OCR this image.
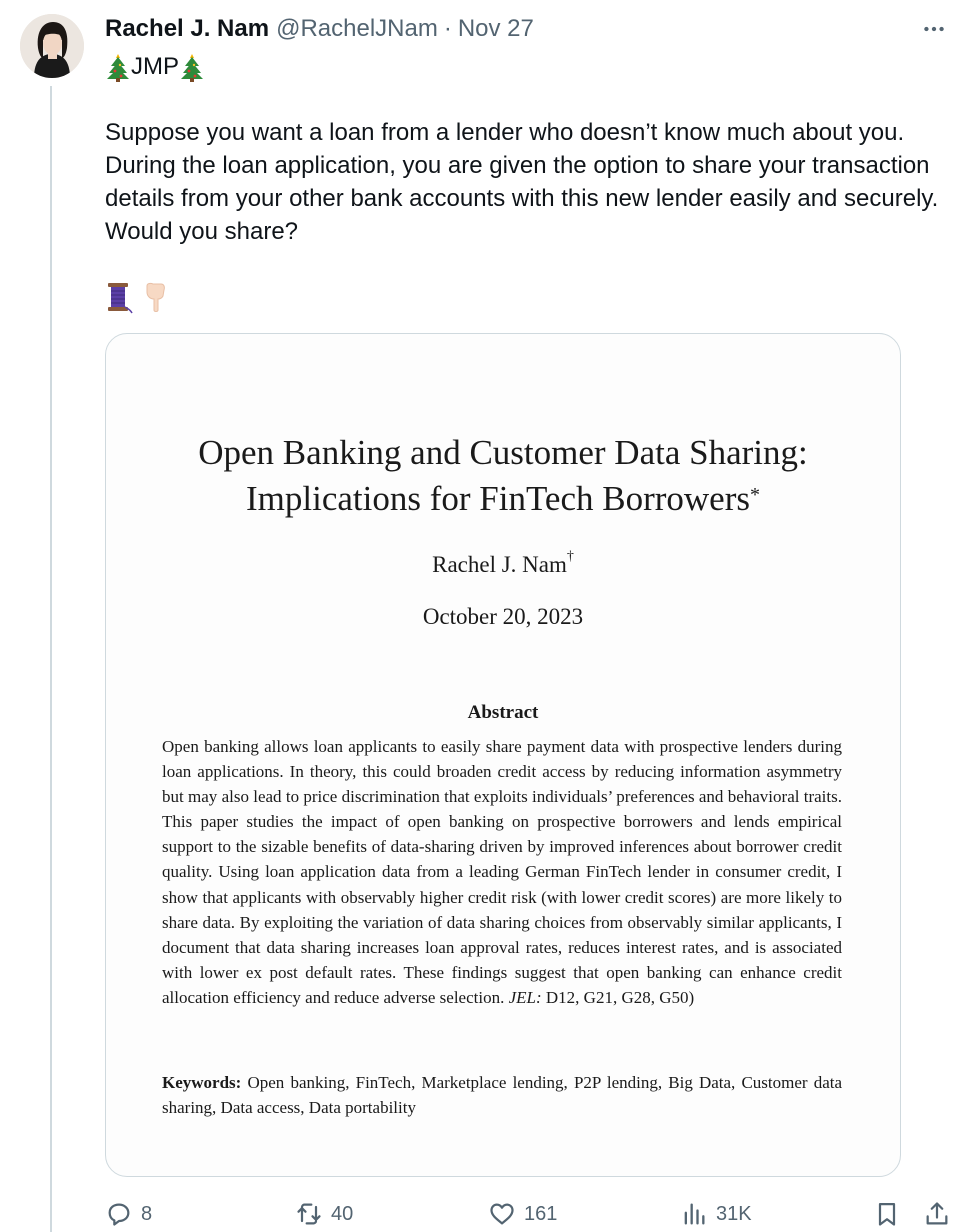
Rachel J. Nam @RachelJNam · Nov 27
JMP
Suppose you want a loan from a lender who doesn’t know much about you. During the loan application, you are given the option to share your transaction details from your other bank accounts with this new lender easily and securely. Would you share?
Open Banking and Customer Data Sharing:
Implications for FinTech Borrowers*
Rachel J. Nam†
October 20, 2023
Abstract

Open banking allows loan applicants to easily share payment data with prospective lenders during loan applications. In theory, this could broaden credit access by reducing information asymmetry but may also lead to price discrimination that exploits individuals’ preferences and behavioral traits. This paper studies the impact of open banking on prospective borrowers and lends empirical support to the sizable benefits of data-sharing driven by improved inferences about borrower credit quality. Using loan application data from a leading German FinTech lender in consumer credit, I show that applicants with observably higher credit risk (with lower credit scores) are more likely to share data. By exploiting the variation of data sharing choices from observably similar applicants, I document that data sharing increases loan approval rates, reduces interest rates, and is associated with lower ex post default rates. These findings suggest that open banking can enhance credit allocation efficiency and reduce adverse selection. JEL: D12, G21, G28, G50)

Keywords: Open banking, FinTech, Marketplace lending, P2P lending, Big Data, Customer data sharing, Data access, Data portability
8	40	161	31K
